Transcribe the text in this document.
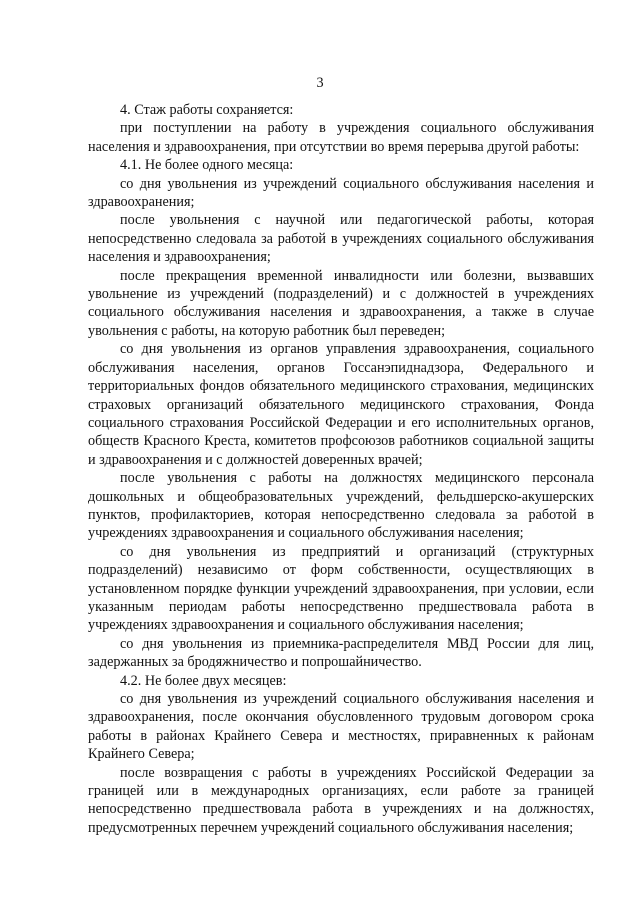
3

4. Стаж работы сохраняется:

при поступлении на работу в учреждения социального обслуживания населения и здравоохранения, при отсутствии во время перерыва другой работы:

4.1. Не более одного месяца:

со дня увольнения из учреждений социального обслуживания населения и здравоохранения;

после увольнения с научной или педагогической работы, которая непосредственно следовала за работой в учреждениях социального обслуживания населения и здравоохранения;

после прекращения временной инвалидности или болезни, вызвавших увольнение из учреждений (подразделений) и с должностей в учреждениях социального обслуживания населения и здравоохранения, а также в случае увольнения с работы, на которую работник был переведен;

со дня увольнения из органов управления здравоохранения, социального обслуживания населения, органов Госсанэпиднадзора, Федерального и территориальных фондов обязательного медицинского страхования, медицинских страховых организаций обязательного медицинского страхования, Фонда социального страхования Российской Федерации и его исполнительных органов, обществ Красного Креста, комитетов профсоюзов работников социальной защиты и здравоохранения и с должностей доверенных врачей;

после увольнения с работы на должностях медицинского персонала дошкольных и общеобразовательных учреждений, фельдшерско-акушерских пунктов, профилакториев, которая непосредственно следовала за работой в учреждениях здравоохранения и социального обслуживания населения;

со дня увольнения из предприятий и организаций (структурных подразделений) независимо от форм собственности, осуществляющих в установленном порядке функции учреждений здравоохранения, при условии, если указанным периодам работы непосредственно предшествовала работа в учреждениях здравоохранения и социального обслуживания населения;

со дня увольнения из приемника-распределителя МВД России для лиц, задержанных за бродяжничество и попрошайничество.

4.2. Не более двух месяцев:

со дня увольнения из учреждений социального обслуживания населения и здравоохранения, после окончания обусловленного трудовым договором срока работы в районах Крайнего Севера и местностях, приравненных к районам Крайнего Севера;

после возвращения с работы в учреждениях Российской Федерации за границей или в международных организациях, если работе за границей непосредственно предшествовала работа в учреждениях и на должностях, предусмотренных перечнем учреждений социального обслуживания населения;
